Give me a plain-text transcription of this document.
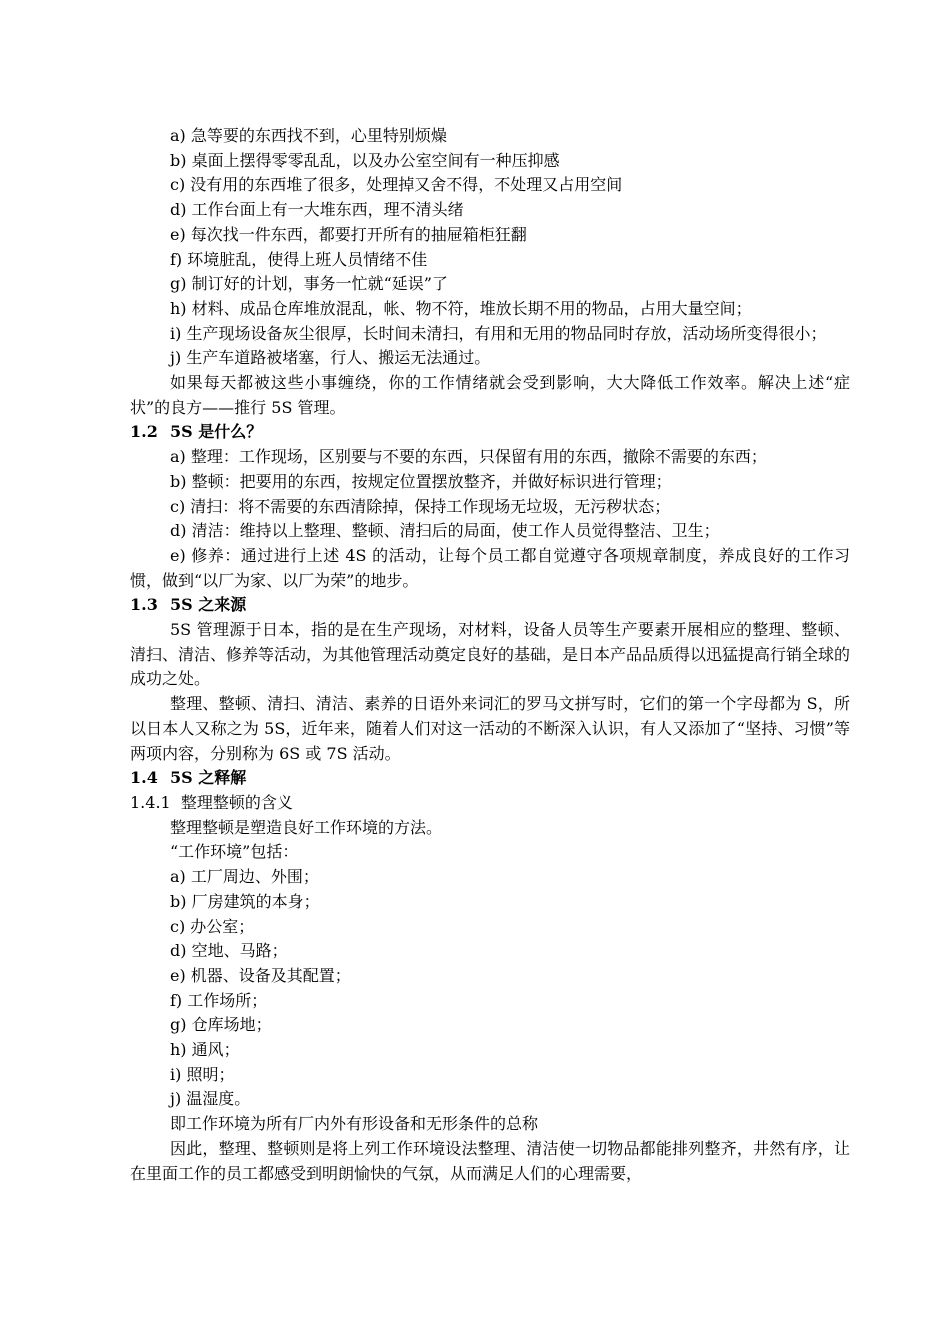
a) 急等要的东西找不到，心里特别烦燥

b) 桌面上摆得零零乱乱，以及办公室空间有一种压抑感

c) 没有用的东西堆了很多，处理掉又舍不得，不处理又占用空间

d) 工作台面上有一大堆东西，理不清头绪

e) 每次找一件东西，都要打开所有的抽屉箱柜狂翻

f) 环境脏乱，使得上班人员情绪不佳

g) 制订好的计划，事务一忙就“延误”了

h) 材料、成品仓库堆放混乱，帐、物不符，堆放长期不用的物品，占用大量空间；

i) 生产现场设备灰尘很厚，长时间未清扫，有用和无用的物品同时存放，活动场所变得很小；

j) 生产车道路被堵塞，行人、搬运无法通过。

如果每天都被这些小事缠绕，你的工作情绪就会受到影响，大大降低工作效率。解决上述“症状”的良方——推行 5S 管理。

1.2 5S 是什么？

a) 整理：工作现场，区别要与不要的东西，只保留有用的东西，撤除不需要的东西；

b) 整顿：把要用的东西，按规定位置摆放整齐，并做好标识进行管理；

c) 清扫：将不需要的东西清除掉，保持工作现场无垃圾，无污秽状态；

d) 清洁：维持以上整理、整顿、清扫后的局面，使工作人员觉得整洁、卫生；

e) 修养：通过进行上述 4S 的活动，让每个员工都自觉遵守各项规章制度，养成良好的工作习惯，做到“以厂为家、以厂为荣”的地步。

1.3 5S 之来源

5S 管理源于日本，指的是在生产现场，对材料，设备人员等生产要素开展相应的整理、整顿、清扫、清洁、修养等活动，为其他管理活动奠定良好的基础，是日本产品品质得以迅猛提高行销全球的成功之处。

整理、整顿、清扫、清洁、素养的日语外来词汇的罗马文拼写时，它们的第一个字母都为 S，所以日本人又称之为 5S，近年来，随着人们对这一活动的不断深入认识，有人又添加了“坚持、习惯”等两项内容，分别称为 6S 或 7S 活动。

1.4 5S 之释解

1.4.1 整理整顿的含义

整理整顿是塑造良好工作环境的方法。

“工作环境”包括：

a) 工厂周边、外围；

b) 厂房建筑的本身；

c) 办公室；

d) 空地、马路；

e) 机器、设备及其配置；

f) 工作场所；

g) 仓库场地；

h) 通风；

i) 照明；

j) 温湿度。

即工作环境为所有厂内外有形设备和无形条件的总称

因此，整理、整顿则是将上列工作环境设法整理、清洁使一切物品都能排列整齐，井然有序，让在里面工作的员工都感受到明朗愉快的气氛，从而满足人们的心理需要，
